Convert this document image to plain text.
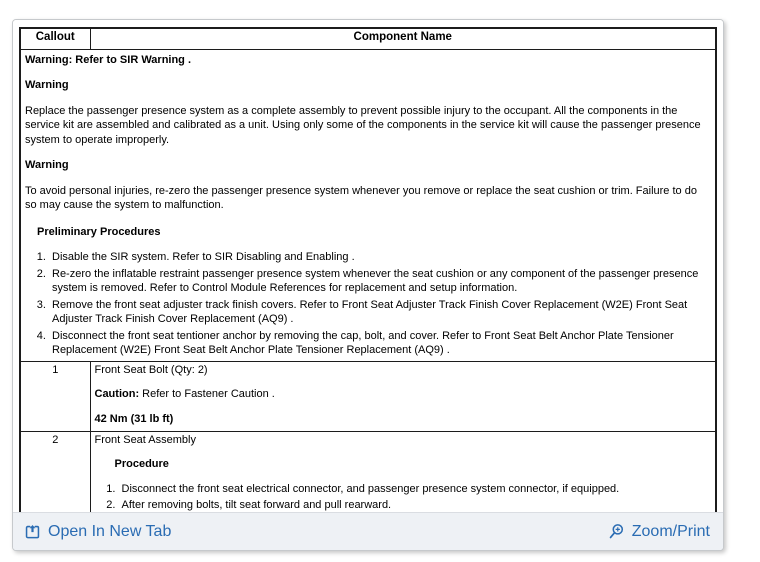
Callout	Component Name

Warning: Refer to SIR Warning .

Warning

Replace the passenger presence system as a complete assembly to prevent possible injury to the occupant. All the components in the service kit are assembled and calibrated as a unit. Using only some of the components in the service kit will cause the passenger presence system to operate improperly.

Warning

To avoid personal injuries, re-zero the passenger presence system whenever you remove or replace the seat cushion or trim. Failure to do so may cause the system to malfunction.

Preliminary Procedures
1. Disable the SIR system. Refer to SIR Disabling and Enabling .
2. Re-zero the inflatable restraint passenger presence system whenever the seat cushion or any component of the passenger presence system is removed. Refer to Control Module References for replacement and setup information.
3. Remove the front seat adjuster track finish covers. Refer to Front Seat Adjuster Track Finish Cover Replacement (W2E) Front Seat Adjuster Track Finish Cover Replacement (AQ9) .
4. Disconnect the front seat tentioner anchor by removing the cap, bolt, and cover. Refer to Front Seat Belt Anchor Plate Tensioner Replacement (W2E) Front Seat Belt Anchor Plate Tensioner Replacement (AQ9) .

1	Front Seat Bolt (Qty: 2)
Caution: Refer to Fastener Caution .
42 Nm (31 lb ft)

2	Front Seat Assembly
Procedure
1. Disconnect the front seat electrical connector, and passenger presence system connector, if equipped.
2. After removing bolts, tilt seat forward and pull rearward.
Open In New Tab	Zoom/Print
